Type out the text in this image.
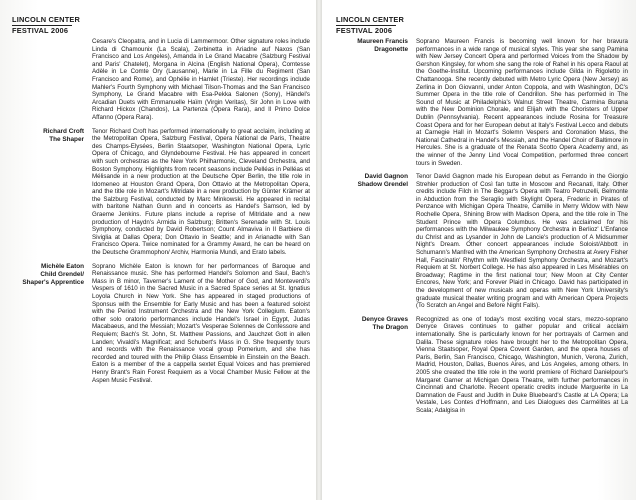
LINCOLN CENTER
FESTIVAL 2006
Cesare's Cleopatra, and in Lucia di Lammermoor. Other signature roles include Linda di Chamounix (La Scala), Zerbinetta in Ariadne auf Naxos (San Francisco and Los Angeles), Amanda in Le Grand Macabre (Salzburg Festival and Paris' Chatelet), Morgana in Alcina (English National Opera), Comtesse Adèle in Le Comte Ory (Lausanne), Marie in La Fille du Regiment (San Francisco and Rome), and Ophélie in Hamlet (Trieste). Her recordings include Mahler's Fourth Symphony with Michael Tilson-Thomas and the San Francisco Symphony, Le Grand Macabre with Esa-Pekka Salonen (Sony), Händel's Arcadian Duets with Emmanuelle Haïm (Virgin Veritas), Sir John in Love with Richard Hickox (Chandos), La Partenza (Opera Rara), and Il Primo Dolce Affanno (Opera Rara).
Richard Croft
The Shaper
Tenor Richard Croft has performed internationally to great acclaim, including at the Metropolitan Opera, Salzburg Festival, Opera National de Paris, Theatre des Champs-Elysées, Berlin Staatsoper, Washington National Opera, Lyric Opera of Chicago, and Glyndebourne Festival. He has appeared in concert with such orchestras as the New York Philharmonic, Cleveland Orchestra, and Boston Symphony. Highlights from recent seasons include Pelléas in Pelléas et Mélisande in a new production at the Deutsche Oper Berlin, the title role in Idomeneo at Houston Grand Opera, Don Ottavio at the Metropolitan Opera, and the title role in Mozart's Mitridate in a new production by Günter Krämer at the Salzburg Festival, conducted by Marc Minkowski. He appeared in recital with baritone Nathan Gunn and in concerts as Handel's Samson, led by Graeme Jenkins. Future plans include a reprise of Mitridate and a new production of Haydn's Armida in Salzburg; Britten's Serenade with St. Louis Symphony, conducted by David Robertson; Count Almaviva in Il Barbiere di Siviglia at Dallas Opera; Don Ottavio in Seattle; and in Arianadte with San Francisco Opera. Twice nominated for a Grammy Award, he can be heard on the Deutsche Grammophon/ Archiv, Harmonia Mundi, and Erato labels.
Michèle Eaton
Child Grendel/ Shaper's Apprentice
Soprano Michèle Eaton is known for her performances of Baroque and Renaissance music. She has performed Handel's Solomon and Saul, Bach's Mass in B minor, Taverner's Lament of the Mother of God, and Monteverdi's Vespers of 1610 in the Sacred Music in a Sacred Space series at St. Ignatius Loyola Church in New York. She has appeared in staged productions of Sponsus with the Ensemble for Early Music and has been a featured soloist with the Period Instrument Orchestra and the New York Collegium. Eaton's other solo oratorio performances include Handel's Israel in Egypt, Judas Macabaeus, and the Messiah; Mozart's Vesperae Solennes de Confessore and Requiem; Bach's St. John, St. Matthew Passions, and Jauchzet Gott in allen Landen; Vivaldi's Magnificat; and Schubert's Mass in G. She frequently tours and records with the Renaissance vocal group Pomerium, and she has recorded and toured with the Philip Glass Ensemble in Einstein on the Beach. Eaton is a member of the a cappella sextet Equal Voices and has premiered Henry Brant's Rain Forest Requiem as a Vocal Chamber Music Fellow at the Aspen Music Festival.
LINCOLN CENTER
FESTIVAL 2006
Maureen Francis
Dragonette
Soprano Maureen Francis is becoming well known for her bravura performances in a wide range of musical styles. This year she sang Pamina with New Jersey Concert Opera and performed Voices from the Shadow by Gershon Kingsley, for whom she sang the role of Rahel in his opera Raoul at the Goethe-Institut. Upcoming performances include Gilda in Rigoletto in Chattanooga. She recently debuted with Metro Lyric Opera (New Jersey) as Zerlina in Don Giovanni, under Anton Coppola, and with Washington, DC's Summer Opera in the title role of Cendrillon. She has performed in The Sound of Music at Philadelphia's Walnut Street Theatre, Carmina Burana with the New Dominion Chorale, and Elijah with the Choristers of Upper Dublin (Pennsylvania). Recent appearances include Rosina for Treasure Coast Opera and for her European debut at Italy's Festival Lecco and debuts at Carnegie Hall in Mozart's Solemn Vespers and Coronation Mass, the National Cathedral in Handel's Messiah, and the Handel Choir of Baltimore in Hercules. She is a graduate of the Renata Scotto Opera Academy and, as the winner of the Jenny Lind Vocal Competition, performed three concert tours in Sweden.
David Gagnon
Shadow Grendel
Tenor David Gagnon made his European debut as Ferrando in the Giorgio Strehler production of Così fan tutte in Moscow and Recanati, Italy. Other credits include Filch in The Beggar's Opera with Teatro Petruzelli, Belmonte in Abduction from the Seraglio with Skylight Opera, Frederic in Pirates of Penzance with Michigan Opera Theatre, Camille in Merry Widow with New Rochelle Opera, Shining Brow with Madison Opera, and the title role in The Student Prince with Opera Columbus. He was acclaimed for his performances with the Milwaukee Symphony Orchestra in Berlioz' L'Enfance du Christ and as Lysander in John de Lancie's production of A Midsummer Night's Dream. Other concert appearances include Soloist/Abbott in Schumann's Manfred with the American Symphony Orchestra at Avery Fisher Hall, Fascinatin' Rhythm with Westfield Symphony Orchestra, and Mozart's Requiem at St. Norbert College. He has also appeared in Les Misérables on Broadway; Ragtime in the first national tour; New Moon at City Center Encores, New York; and Forever Plaid in Chicago. David has participated in the development of new musicals and operas with New York University's graduate musical theater writing program and with American Opera Projects (To Scratch an Angel and Before Night Falls).
Denyce Graves
The Dragon
Recognized as one of today's most exciting vocal stars, mezzo-soprano Denyce Graves continues to gather popular and critical acclaim internationally. She is particularly known for her portrayals of Carmen and Dalila. These signature roles have brought her to the Metropolitan Opera, Vienna Staatsoper, Royal Opera Covent Garden, and the opera houses of Paris, Berlin, San Francisco, Chicago, Washington, Munich, Verona, Zurich, Madrid, Houston, Dallas, Buenos Aires, and Los Angeles, among others. In 2005 she created the title role in the world premiere of Richard Danielpour's Margaret Garner at Michigan Opera Theatre, with further performances in Cincinnati and Charlotte. Recent operatic credits include Marguerite in La Damnation de Faust and Judith in Duke Bluebeard's Castle at LA Opera; La Vestale, Les Contes d'Hoffmann, and Les Dialogues des Carmélites at La Scala; Adalgisa in
